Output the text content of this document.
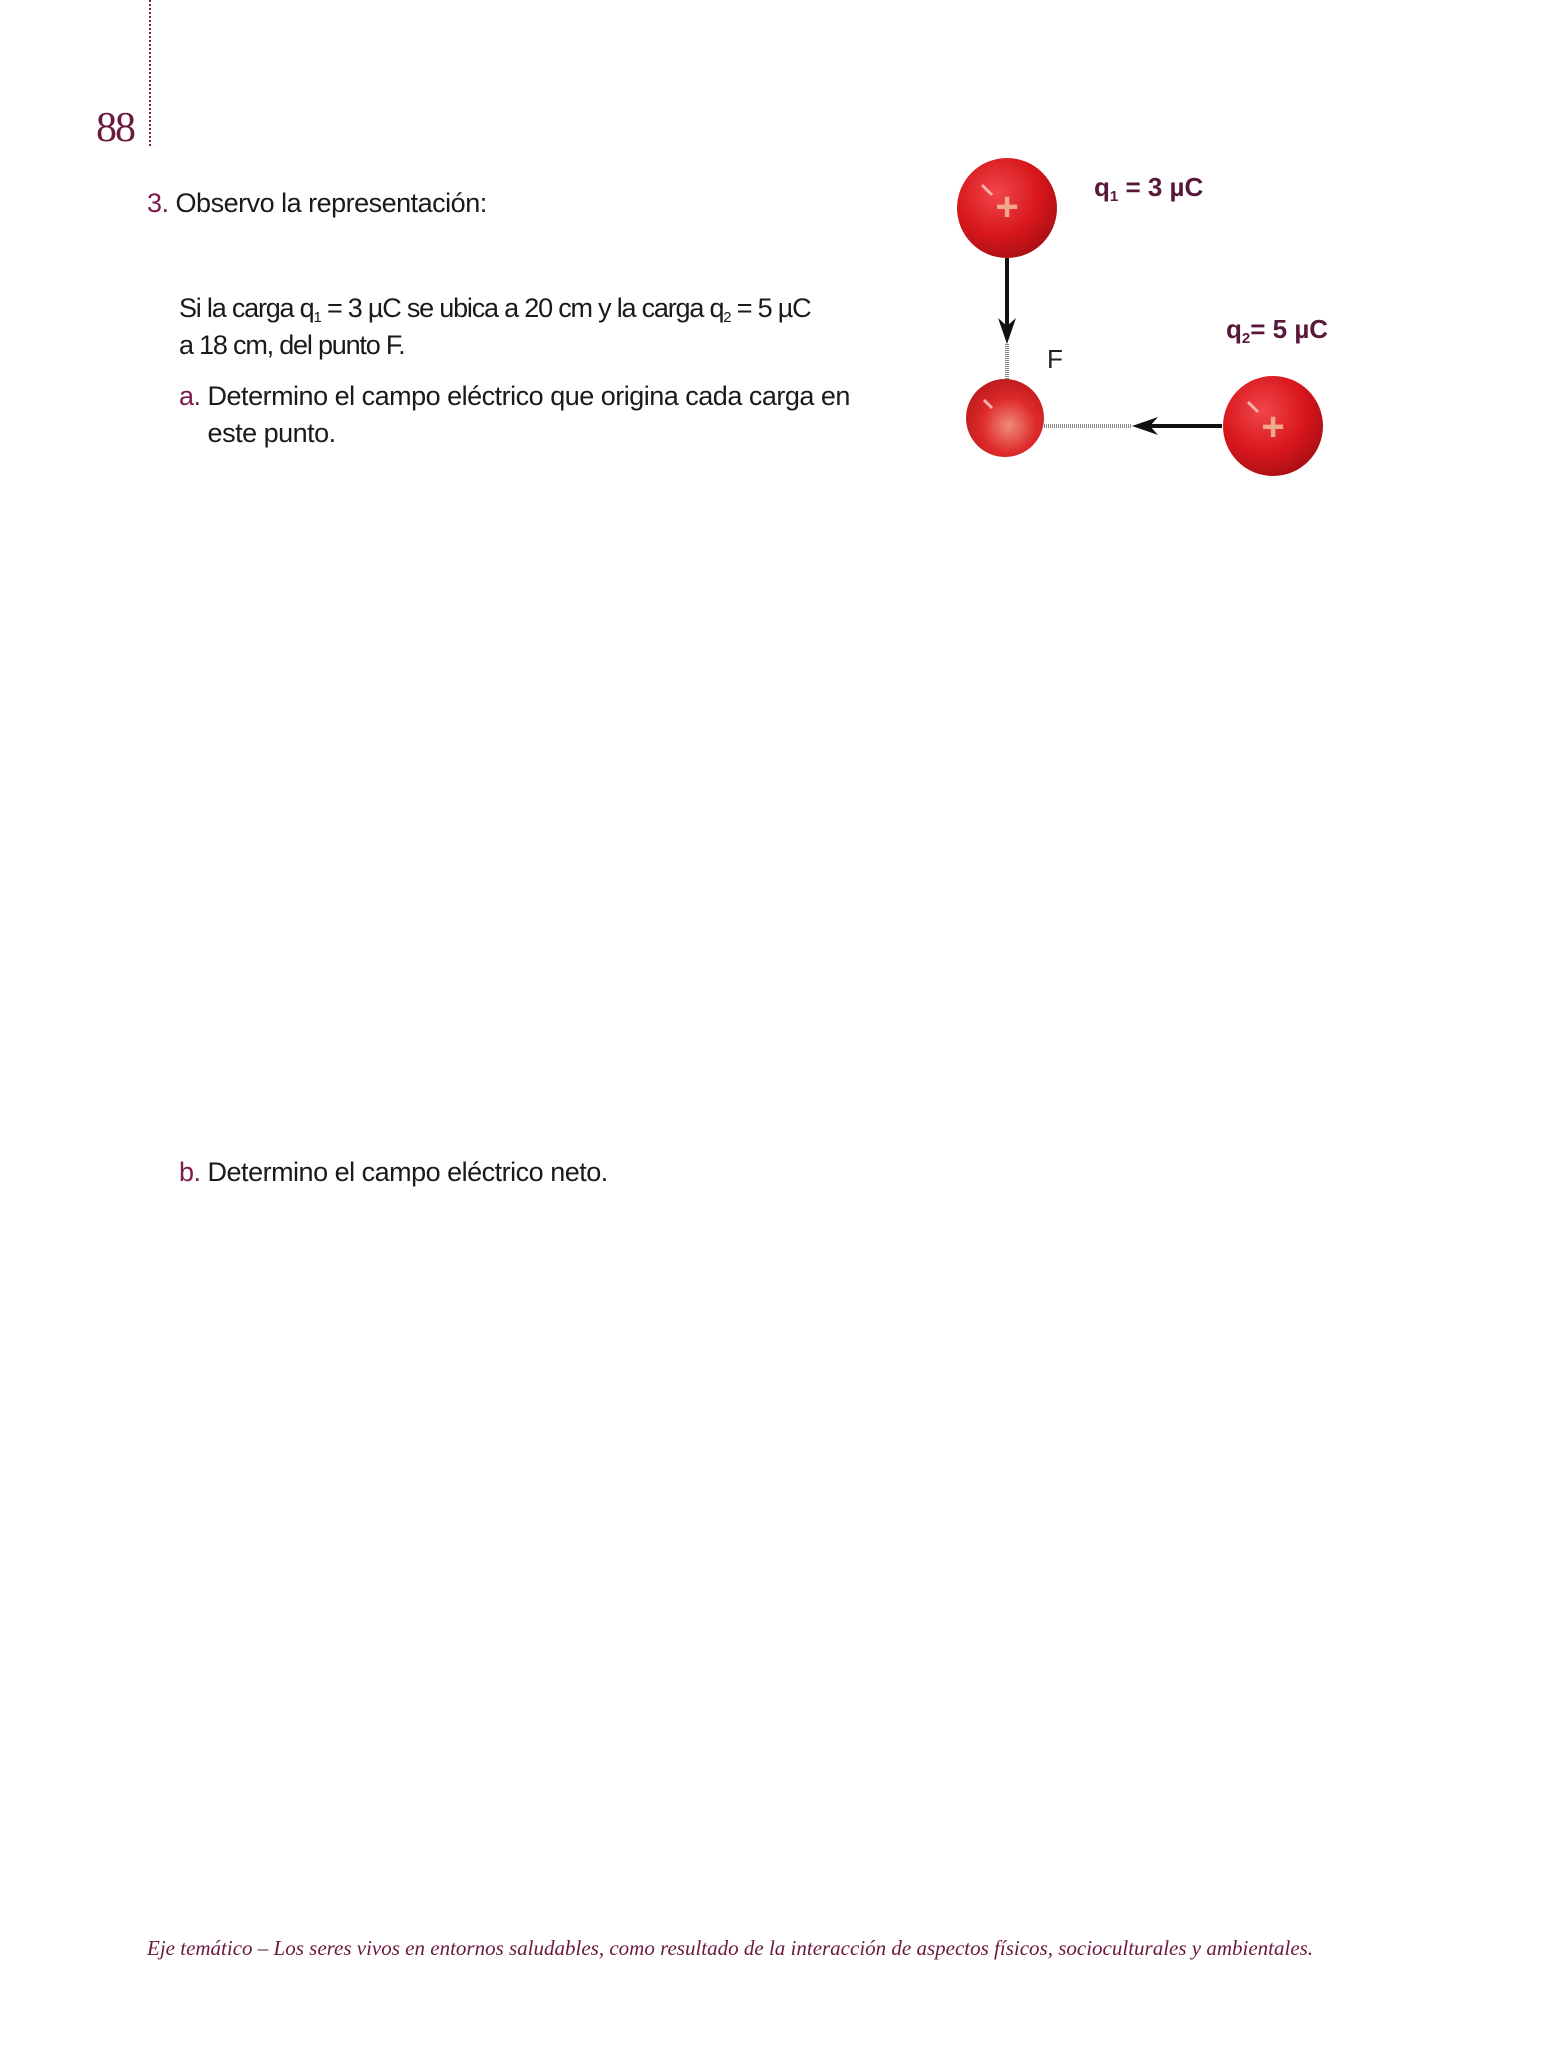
88
3. Observo la representación:
Si la carga $q_1 = 3$ µC se ubica a 20 cm y la carga $q_2 = 5$ µC
a 18 cm, del punto F.
a. Determino el campo eléctrico que origina cada carga en este punto.
b. Determino el campo eléctrico neto.
+
+
$q_1 = 3$ µC
$q_2= 5$ µC
F
Eje temático – Los seres vivos en entornos saludables, como resultado de la interacción de aspectos físicos, socioculturales y ambientales.
